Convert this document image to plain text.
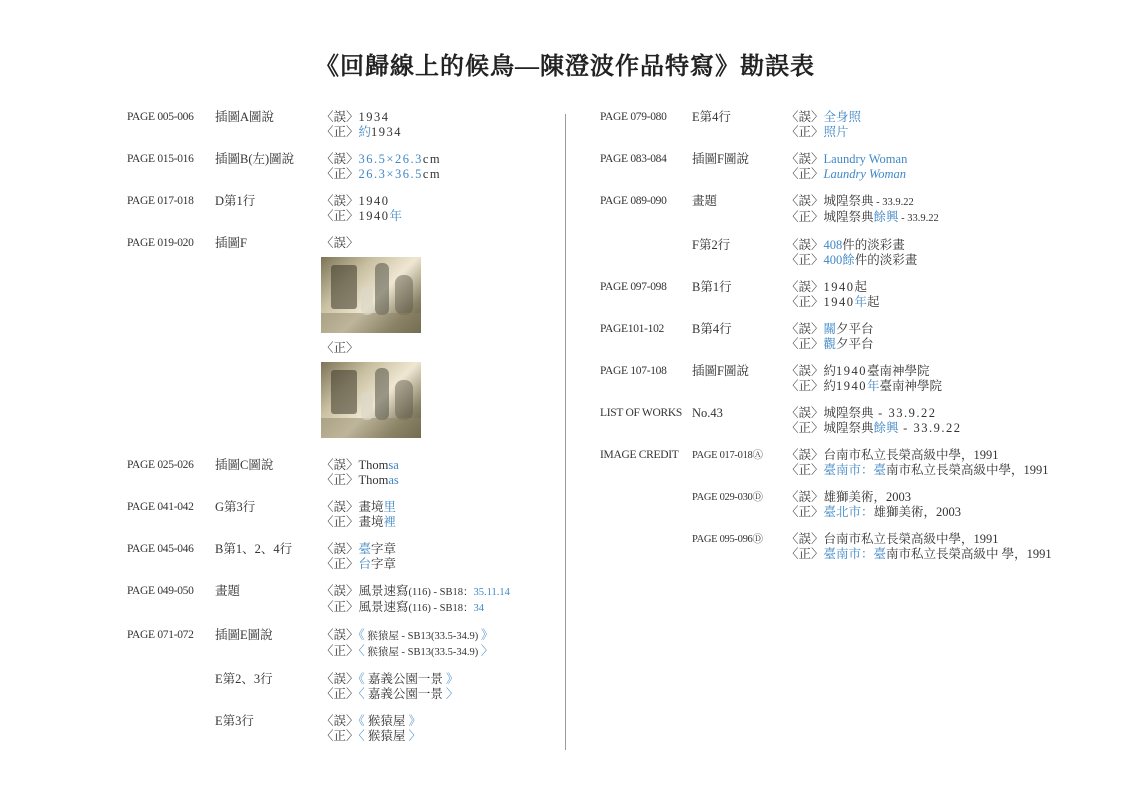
《回歸線上的候鳥—陳澄波作品特寫》勘誤表
PAGE 005-006	插圖A圖說	〈誤〉1934
〈正〉約1934
PAGE 015-016	插圖B(左)圖說	〈誤〉36.5×26.3cm
〈正〉26.3×36.5cm
PAGE 017-018	D第1行	〈誤〉1940
〈正〉1940年
PAGE 019-020	插圖F	〈誤〉
〈正〉
PAGE 025-026	插圖C圖說	〈誤〉Thomsa
〈正〉Thomas
PAGE 041-042	G第3行	〈誤〉畫境里
〈正〉畫境裡
PAGE 045-046	B第1、2、4行	〈誤〉臺字章
〈正〉台字章
PAGE 049-050	畫題	〈誤〉風景速寫(116) - SB18：35.11.14
〈正〉風景速寫(116) - SB18：34
PAGE 071-072	插圖E圖說	〈誤〉《 猴猿屋 - SB13(33.5-34.9) 》
〈正〉〈 猴猿屋 - SB13(33.5-34.9) 〉
E第2、3行	〈誤〉《 嘉義公園一景 》
〈正〉〈 嘉義公園一景 〉
E第3行	〈誤〉《 猴猿屋 》
〈正〉〈 猴猿屋 〉
PAGE 079-080	E第4行	〈誤〉全身照
〈正〉照片
PAGE 083-084	插圖F圖說	〈誤〉Laundry Woman
〈正〉Laundry Woman
PAGE 089-090	畫題	〈誤〉城隍祭典 - 33.9.22
〈正〉城隍祭典餘興 - 33.9.22
F第2行	〈誤〉408件的淡彩畫
〈正〉400餘件的淡彩畫
PAGE 097-098	B第1行	〈誤〉1940起
〈正〉1940年起
PAGE101-102	B第4行	〈誤〉關夕平台
〈正〉觀夕平台
PAGE 107-108	插圖F圖說	〈誤〉約1940臺南神學院
〈正〉約1940年臺南神學院
LIST OF WORKS No.43	〈誤〉城隍祭典 - 33.9.22
〈正〉城隍祭典餘興 - 33.9.22
IMAGE CREDIT	PAGE 017-018Ⓐ	〈誤〉台南市私立長榮高級中學，1991
〈正〉臺南市：臺南市私立長榮高級中學，1991
PAGE 029-030Ⓓ	〈誤〉雄獅美術，2003
〈正〉臺北市：雄獅美術，2003
PAGE 095-096Ⓓ	〈誤〉台南市私立長榮高級中學，1991
〈正〉臺南市：臺南市私立長榮高級中 學，1991
